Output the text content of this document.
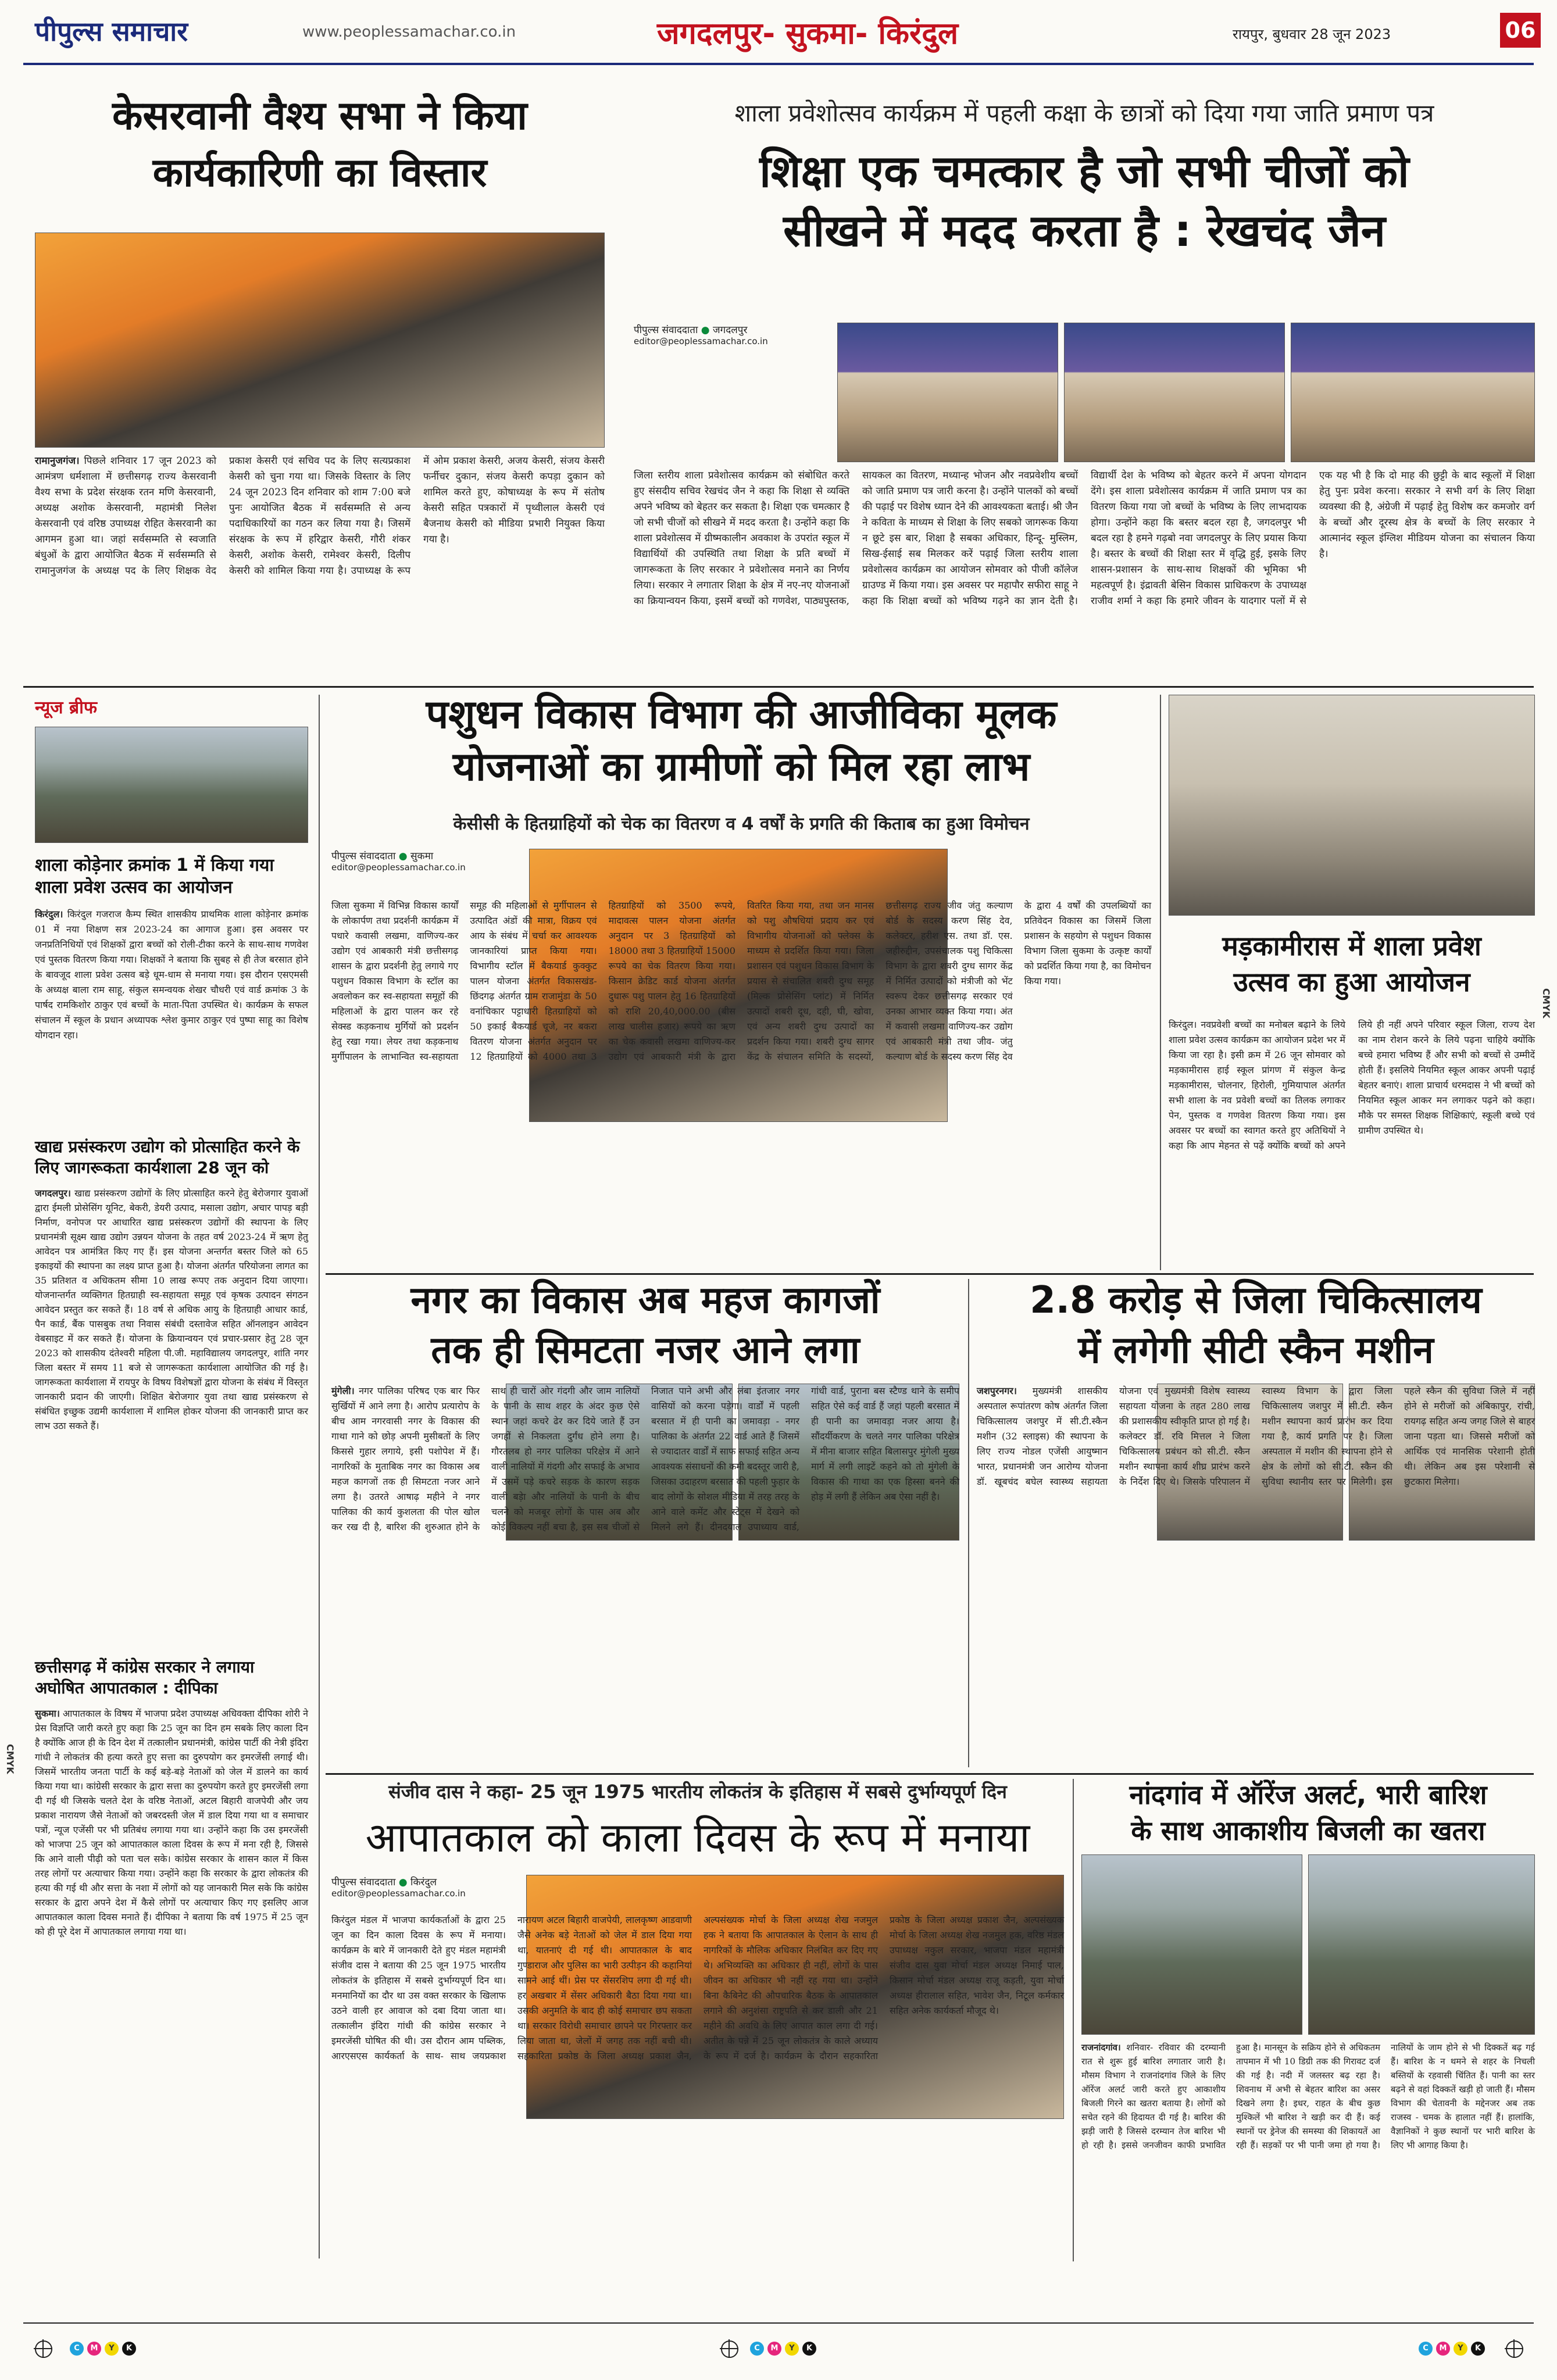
पीपुल्स समाचार	www.peoplessamachar.co.in	जगदलपुर- सुकमा- किरंदुल	रायपुर, बुधवार 28 जून 2023	06
केसरवानी वैश्य सभा ने किया
कार्यकारिणी का विस्तार
रामानुजगंज। पिछले शनिवार 17 जून 2023 को आमंत्रण धर्मशाला में छत्तीसगढ़ राज्य केसरवानी वैश्य सभा के प्रदेश संरक्षक रतन मणि केसरवानी, अध्यक्ष अशोक केसरवानी, महामंत्री निलेश केसरवानी एवं वरिष्ठ उपाध्यक्ष रोहित केसरवानी का आगमन हुआ था। जहां सर्वसम्मति से स्वजाति बंधुओं के द्वारा आयोजित बैठक में सर्वसम्मति से रामानुजगंज के अध्यक्ष पद के लिए शिक्षक वेद प्रकाश केसरी एवं सचिव पद के लिए सत्यप्रकाश केसरी को चुना गया था। जिसके विस्तार के लिए 24 जून 2023 दिन शनिवार को शाम 7:00 बजे पुनः आयोजित बैठक में सर्वसम्मति से अन्य पदाधिकारियों का गठन कर लिया गया है। जिसमें संरक्षक के रूप में हरिद्वार केसरी, गौरी शंकर केसरी, अशोक केसरी, रामेश्वर केसरी, दिलीप केसरी को शामिल किया गया है। उपाध्यक्ष के रूप में ओम प्रकाश केसरी, अजय केसरी, संजय केसरी फर्नीचर दुकान, संजय केसरी कपड़ा दुकान को शामिल करते हुए, कोषाध्यक्ष के रूप में संतोष केसरी सहित पत्रकारों में पृथ्वीलाल केसरी एवं बैजनाथ केसरी को मीडिया प्रभारी नियुक्त किया गया है।
शाला प्रवेशोत्सव कार्यक्रम में पहली कक्षा के छात्रों को दिया गया जाति प्रमाण पत्र
शिक्षा एक चमत्कार है जो सभी चीजों को
सीखने में मदद करता है : रेखचंद जैन
पीपुल्स संवाददाता ● जगदलपुर
editor@peoplessamachar.co.in
जिला स्तरीय शाला प्रवेशोत्सव कार्यक्रम को संबोधित करते हुए संसदीय सचिव रेखचंद जैन ने कहा कि शिक्षा से व्यक्ति अपने भविष्य को बेहतर कर सकता है। शिक्षा एक चमत्कार है जो सभी चीजों को सीखने में मदद करता है। उन्होंने कहा कि शाला प्रवेशोत्सव में ग्रीष्मकालीन अवकाश के उपरांत स्कूल में विद्यार्थियों की उपस्थिति तथा शिक्षा के प्रति बच्चों में जागरूकता के लिए सरकार ने प्रवेशोत्सव मनाने का निर्णय लिया। सरकार ने लगातार शिक्षा के क्षेत्र में नए-नए योजनाओं का क्रियान्वयन किया, इसमें बच्चों को गणवेश, पाठ्यपुस्तक, सायकल का वितरण, मध्यान्ह भोजन और नवप्रवेशीय बच्चों को जाति प्रमाण पत्र जारी करना है। उन्होंने पालकों को बच्चों की पढ़ाई पर विशेष ध्यान देने की आवश्यकता बताई। श्री जैन ने कविता के माध्यम से शिक्षा के लिए सबको जागरूक किया न छूटे इस बार, शिक्षा है सबका अधिकार, हिन्दू- मुस्लिम, सिख-ईसाई सब मिलकर करें पढ़ाई जिला स्तरीय शाला प्रवेशोत्सव कार्यक्रम का आयोजन सोमवार को पीजी कॉलेज ग्राउण्ड में किया गया। इस अवसर पर महापौर सफीरा साहू ने कहा कि शिक्षा बच्चों को भविष्य गढ़ने का ज्ञान देती है। विद्यार्थी देश के भविष्य को बेहतर करने में अपना योगदान देंगे। इस शाला प्रवेशोत्सव कार्यक्रम में जाति प्रमाण पत्र का वितरण किया गया जो बच्चों के भविष्य के लिए लाभदायक होगा। उन्होंने कहा कि बस्तर बदल रहा है, जगदलपुर भी बदल रहा है हमने गढ़बो नवा जगदलपुर के लिए प्रयास किया है। बस्तर के बच्चों की शिक्षा स्तर में वृद्धि हुई, इसके लिए शासन-प्रशासन के साथ-साथ शिक्षकों की भूमिका भी महत्वपूर्ण है। इंद्रावती बेसिन विकास प्राधिकरण के उपाध्यक्ष राजीव शर्मा ने कहा कि हमारे जीवन के यादगार पलों में से एक यह भी है कि दो माह की छुट्टी के बाद स्कूलों में शिक्षा हेतु पुनः प्रवेश करना। सरकार ने सभी वर्ग के लिए शिक्षा व्यवस्था की है, अंग्रेजी में पढ़ाई हेतु विशेष कर कमजोर वर्ग के बच्चों और दूरस्थ क्षेत्र के बच्चों के लिए सरकार ने आत्मानंद स्कूल इंग्लिश मीडियम योजना का संचालन किया है।
न्यूज ब्रीफ
शाला कोड़ेनार क्रमांक 1 में किया गया शाला प्रवेश उत्सव का आयोजन
किरंदुल। किरंदुल गजराज कैम्प स्थित शासकीय प्राथमिक शाला कोड़ेनार क्रमांक 01 में नया शिक्षण सत्र 2023-24 का आगाज हुआ। इस अवसर पर जनप्रतिनिधियों एवं शिक्षकों द्वारा बच्चों को रोली-टीका करने के साथ-साथ गणवेश एवं पुस्तक वितरण किया गया। शिक्षकों ने बताया कि सुबह से ही तेज बरसात होने के बावजूद शाला प्रवेश उत्सव बड़े धूम-धाम से मनाया गया। इस दौरान एसएमसी के अध्यक्ष बाला राम साहू, संकुल समन्वयक शेखर चौधरी एवं वार्ड क्रमांक 3 के पार्षद रामकिशोर ठाकुर एवं बच्चों के माता-पिता उपस्थित थे। कार्यक्रम के सफल संचालन में स्कूल के प्रधान अध्यापक श्लेश कुमार ठाकुर एवं पुष्पा साहू का विशेष योगदान रहा।
खाद्य प्रसंस्करण उद्योग को प्रोत्साहित करने के लिए जागरूकता कार्यशाला 28 जून को
जगदलपुर। खाद्य प्रसंस्करण उद्योगों के लिए प्रोत्साहित करने हेतु बेरोजगार युवाओं द्वारा ईमली प्रोसेसिंग यूनिट, बेकरी, डेयरी उत्पाद, मसाला उद्योग, अचार पापड़ बड़ी निर्माण, वनोपज पर आधारित खाद्य प्रसंस्करण उद्योगों की स्थापना के लिए प्रधानमंत्री सूक्ष्म खाद्य उद्योग उन्नयन योजना के तहत वर्ष 2023-24 में ऋण हेतु आवेदन पत्र आमंत्रित किए गए हैं। इस योजना अन्तर्गत बस्तर जिले को 65 इकाइयों की स्थापना का लक्ष्य प्राप्त हुआ है। योजना अंतर्गत परियोजना लागत का 35 प्रतिशत व अधिकतम सीमा 10 लाख रूपए तक अनुदान दिया जाएगा। योजनान्तर्गत व्यक्तिगत हितग्राही स्व-सहायता समूह एवं कृषक उत्पादन संगठन आवेदन प्रस्तुत कर सकते हैं। 18 वर्ष से अधिक आयु के हितग्राही आधार कार्ड, पैन कार्ड, बैंक पासबुक तथा निवास संबंधी दस्तावेज सहित ऑनलाइन आवेदन वेबसाइट में कर सकते हैं। योजना के क्रियान्वयन एवं प्रचार-प्रसार हेतु 28 जून 2023 को शासकीय दंतेश्वरी महिला पी.जी. महाविद्यालय जगदलपुर, शांति नगर जिला बस्तर में समय 11 बजे से जागरूकता कार्यशाला आयोजित की गई है। जागरूकता कार्यशाला में रायपुर के विषय विशेषज्ञों द्वारा योजना के संबंध में विस्तृत जानकारी प्रदान की जाएगी। शिक्षित बेरोजगार युवा तथा खाद्य प्रसंस्करण से संबंधित इच्छुक उद्यमी कार्यशाला में शामिल होकर योजना की जानकारी प्राप्त कर लाभ उठा सकते हैं।
छत्तीसगढ़ में कांग्रेस सरकार ने लगाया अघोषित आपातकाल : दीपिका
सुकमा। आपातकाल के विषय में भाजपा प्रदेश उपाध्यक्ष अधिवक्ता दीपिका शोरी ने प्रेस विज्ञप्ति जारी करते हुए कहा कि 25 जून का दिन हम सबके लिए काला दिन है क्योंकि आज ही के दिन देश में तत्कालीन प्रधानमंत्री, कांग्रेस पार्टी की नेत्री इंदिरा गांधी ने लोकतंत्र की हत्या करते हुए सत्ता का दुरुपयोग कर इमरजेंसी लगाई थी। जिसमें भारतीय जनता पार्टी के कई बड़े-बड़े नेताओं को जेल में डालने का कार्य किया गया था। कांग्रेसी सरकार के द्वारा सत्ता का दुरुपयोग करते हुए इमरजेंसी लगा दी गई थी जिसके चलते देश के वरिष्ठ नेताओं, अटल बिहारी वाजपेयी और जय प्रकाश नारायण जैसे नेताओं को जबरदस्ती जेल में डाल दिया गया था व समाचार पत्रों, न्यूज एजेंसी पर भी प्रतिबंध लगाया गया था। उन्होंने कहा कि उस इमरजेंसी को भाजपा 25 जून को आपातकाल काला दिवस के रूप में मना रही है, जिससे कि आने वाली पीढ़ी को पता चल सके। कांग्रेस सरकार के शासन काल में किस तरह लोगों पर अत्याचार किया गया। उन्होंने कहा कि सरकार के द्वारा लोकतंत्र की हत्या की गई थी और सत्ता के नशा में लोगों को यह जानकारी मिल सके कि कांग्रेस सरकार के द्वारा अपने देश में कैसे लोगों पर अत्याचार किए गए इसलिए आज आपातकाल काला दिवस मनाते हैं। दीपिका ने बताया कि वर्ष 1975 में 25 जून को ही पूरे देश में आपातकाल लगाया गया था।
पशुधन विकास विभाग की आजीविका मूलक
योजनाओं का ग्रामीणों को मिल रहा लाभ
केसीसी के हितग्राहियों को चेक का वितरण व 4 वर्षों के प्रगति की किताब का हुआ विमोचन
पीपुल्स संवाददाता ● सुकमा
editor@peoplessamachar.co.in
जिला सुकमा में विभिन्न विकास कार्यों के लोकार्पण तथा प्रदर्शनी कार्यक्रम में पधारे कवासी लखमा, वाणिज्य-कर उद्योग एवं आबकारी मंत्री छत्तीसगढ़ शासन के द्वारा प्रदर्शनी हेतु लगाये गए पशुधन विकास विभाग के स्टॉल का अवलोकन कर स्व-सहायता समूहों की महिलाओं के द्वारा पालन कर रहे सेक्स्ड कड़कनाथ मुर्गियों को प्रदर्शन हेतु रखा गया। लेयर तथा कड़कनाथ मुर्गीपालन के लाभान्वित स्व-सहायता समूह की महिलाओं से मुर्गीपालन से उत्पादित अंडों की मात्रा, विक्रय एवं आय के संबंध में चर्चा कर आवश्यक जानकारियां प्राप्त किया गया। विभागीय स्टॉल में बैकयार्ड कुक्कुट पालन योजना अंतर्गत विकासखंड-छिंदगढ़ अंतर्गत ग्राम राजामुंडा के 50 वनांचिकार पट्टाधारी हितग्राहियों को 50 इकाई बैकयार्ड चूजे, नर बकरा वितरण योजना अंतर्गत अनुदान पर 12 हितग्राहियों को 4000 तथा 3 हितग्राहियों को 3500 रूपये, मादावत्स पालन योजना अंतर्गत अनुदान पर 3 हितग्राहियों को 18000 तथा 3 हितग्राहियों 15000 रूपये का चेक वितरण किया गया। किसान क्रेडिट कार्ड योजना अंतर्गत दुधारू पशु पालन हेतु 16 हितग्राहियों को राशि 20,40,000.00 (बीस लाख चालीस हजार) रूपये का ऋण का चेक कवासी लखमा वाणिज्य-कर उद्योग एवं आबकारी मंत्री के द्वारा वितरित किया गया, तथा जन मानस को पशु औषधियां प्रदाय कर एवं विभागीय योजनाओं को फ्लेक्स के माध्यम से प्रदर्शित किया गया। जिला प्रशासन एवं पशुधन विकास विभाग के प्रयास से संचालित शबरी दुग्ध समूह (मिल्क प्रोसेसिंग प्लांट) में निर्मित उत्पादों शबरी दूध, दही, घी, खोवा, एवं अन्य शबरी दुग्ध उत्पादों का प्रदर्शन किया गया। शबरी दुग्ध सागर केंद्र के संचालन समिति के सदस्यों, छत्तीसगढ़ राज्य जीव जंतु कल्याण बोर्ड के सदस्य करण सिंह देव, कलेक्टर, हरीश एस. तथा डॉ. एस. जहीरुद्दीन, उपसंचालक पशु चिकित्सा विभाग के द्वारा शबरी दुग्ध सागर केंद्र में निर्मित उत्पादों को मंत्रीजी को भेंट स्वरूप देकर छत्तीसगढ़ सरकार एवं उनका आभार व्यक्त किया गया। अंत में कवासी लखमा वाणिज्य-कर उद्योग एवं आबकारी मंत्री तथा जीव- जंतु कल्याण बोर्ड के सदस्य करण सिंह देव के द्वारा 4 वर्षों की उपलब्धियों का प्रतिवेदन विकास का जिसमें जिला प्रशासन के सहयोग से पशुधन विकास विभाग जिला सुकमा के उत्कृष्ट कार्यों को प्रदर्शित किया गया है, का विमोचन किया गया।
मड़कामीरास में शाला प्रवेश
उत्सव का हुआ आयोजन
किरंदुल। नवप्रवेशी बच्चों का मनोबल बढ़ाने के लिये शाला प्रवेश उत्सव कार्यक्रम का आयोजन प्रदेश भर में किया जा रहा है। इसी क्रम में 26 जून सोमवार को मड़कामीरास हाई स्कूल प्रांगण में संकुल केन्द्र मड़कामीरास, चोलनार, हिरोली, गुमियापाल अंतर्गत सभी शाला के नव प्रवेशी बच्चों का तिलक लगाकर पेन, पुस्तक व गणवेश वितरण किया गया। इस अवसर पर बच्चों का स्वागत करते हुए अतिथियों ने कहा कि आप मेहनत से पढ़ें क्योंकि बच्चों को अपने लिये ही नहीं अपने परिवार स्कूल जिला, राज्य देश का नाम रोशन करने के लिये पढ़ना चाहिये क्योंकि बच्चे हमारा भविष्य हैं और सभी को बच्चों से उम्मीदें होती हैं। इसलिये नियमित स्कूल आकर अपनी पढ़ाई बेहतर बनाएं। शाला प्राचार्य धरमदास ने भी बच्चों को नियमित स्कूल आकर मन लगाकर पढ़ने को कहा। मौके पर समस्त शिक्षक शिक्षिकाएं, स्कूली बच्चे एवं ग्रामीण उपस्थित थे।
नगर का विकास अब महज कागजों
तक ही सिमटता नजर आने लगा
मुंगेली। नगर पालिका परिषद एक बार फिर सुर्खियों में आने लगा है। आरोप प्रत्यारोप के बीच आम नगरवासी नगर के विकास की गाथा गाने को छोड़ अपनी मुसीबतों के लिए किससे गुहार लगाये, इसी पशोपेश में हैं। नागरिकों के मुताबिक नगर का विकास अब महज कागजों तक ही सिमटता नजर आने लगा है। उतरते आषाढ़ महीने ने नगर पालिका की कार्य कुशलता की पोल खोल कर रख दी है, बारिश की शुरुआत होने के साथ ही चारों ओर गंदगी और जाम नालियों के पानी के साथ शहर के अंदर कुछ ऐसे स्थान जहां कचरे ढेर कर दिये जाते हैं उन जगहों से निकलता दुर्गंध होने लगा है। गौरतलब हो नगर पालिका परिक्षेत्र में आने वाली नालियों में गंदगी और सफाई के अभाव में उसमें पड़े कचरे सड़क के कारण सड़क वाली बड़ेा और नालियों के पानी के बीच चलने को मजबूर लोगों के पास अब और कोई विकल्प नहीं बचा है, इस सब चीजों से निजात पाने अभी और लंबा इंतजार नगर वासियों को करना पड़ेगा। वार्डों में पहली बरसात में ही पानी का जमावड़ा - नगर पालिका के अंतर्गत 22 वार्ड आते हैं जिसमें से ज्यादातर वार्डों में साफ सफाई सहित अन्य आवश्यक संसाधनों की कमी बदस्तूर जारी है, जिसका उदाहरण बरसात की पहली फुहार के बाद लोगों के सोशल मीडिया में तरह तरह के आने वाले कमेंट और स्टेट्स में देखने को मिलने लगे हैं। दीनदयाल उपाध्याय वार्ड, गांधी वार्ड, पुराना बस स्टैण्ड थाने के समीप सहित ऐसे कई वार्ड हैं जहां पहली बरसात में ही पानी का जमावड़ा नजर आया है। सौंदर्यीकरण के चलते नगर पालिका परिक्षेत्र में मीना बाजार सहित बिलासपुर मुंगेली मुख्य मार्ग में लगी लाइटें कहने को तो मुंगेली के विकास की गाथा का एक हिस्सा बनने की होड़ में लगी हैं लेकिन अब ऐसा नहीं है।
2.8 करोड़ से जिला चिकित्सालय
में लगेगी सीटी स्कैन मशीन
जशपुरनगर। मुख्यमंत्री शासकीय अस्पताल रूपांतरण कोष अंतर्गत जिला चिकित्सालय जशपुर में सी.टी.स्कैन मशीन (32 स्लाइस) की स्थापना के लिए राज्य नोडल एजेंसी आयुष्मान भारत, प्रधानमंत्री जन आरोग्य योजना डॉ. खूबचंद बघेल स्वास्थ्य सहायता योजना एवं मुख्यमंत्री विशेष स्वास्थ्य सहायता योजना के तहत 280 लाख की प्रशासकीय स्वीकृति प्राप्त हो गई है। कलेक्टर डॉ. रवि मित्तल ने जिला चिकित्सालय प्रबंधन को सी.टी. स्कैन मशीन स्थापना कार्य शीघ्र प्रारंभ करने के निर्देश दिए थे। जिसके परिपालन में स्वास्थ्य विभाग के द्वारा जिला चिकित्सालय जशपुर में सी.टी. स्कैन मशीन स्थापना कार्य प्रारंभ कर दिया गया है, कार्य प्रगति पर है। जिला अस्पताल में मशीन की स्थापना होने से क्षेत्र के लोगों को सी.टी. स्कैन की सुविधा स्थानीय स्तर पर मिलेगी। इस पहले स्कैन की सुविधा जिले में नहीं होने से मरीजों को अंबिकापुर, रांची, रायगढ़ सहित अन्य जगह जिले से बाहर जाना पड़ता था। जिससे मरीजों को आर्थिक एवं मानसिक परेशानी होती थी। लेकिन अब इस परेशानी से छुटकारा मिलेगा।
संजीव दास ने कहा- 25 जून 1975 भारतीय लोकतंत्र के इतिहास में सबसे दुर्भाग्यपूर्ण दिन
आपातकाल को काला दिवस के रूप में मनाया
पीपुल्स संवाददाता ● किरंदुल
editor@peoplessamachar.co.in
किरंदुल मंडल में भाजपा कार्यकर्ताओं के द्वारा 25 जून का दिन काला दिवस के रूप में मनाया। कार्यक्रम के बारे में जानकारी देते हुए मंडल महामंत्री संजीव दास ने बताया की 25 जून 1975 भारतीय लोकतंत्र के इतिहास में सबसे दुर्भाग्यपूर्ण दिन था। मनमानियों का दौर था उस वक्त सरकार के खिलाफ उठने वाली हर आवाज को दबा दिया जाता था। तत्कालीन इंदिरा गांधी की कांग्रेस सरकार ने इमरजेंसी घोषित की थी। उस दौरान आम पब्लिक, आरएसएस कार्यकर्ता के साथ- साथ जयप्रकाश नारायण अटल बिहारी वाजपेयी, लालकृष्ण आडवाणी जैसे अनेक बड़े नेताओं को जेल में डाल दिया गया था, यातनाएं दी गई थी। आपातकाल के बाद गुण्डाराज और पुलिस का भारी उत्पीड़न की कहानियां सामने आई थीं। प्रेस पर सेंसरशिप लगा दी गई थी। हर अखबार में सेंसर अधिकारी बैठा दिया गया था। उसकी अनुमति के बाद ही कोई समाचार छप सकता था। सरकार विरोधी समाचार छापने पर गिरफ्तार कर लिया जाता था, जेलों में जगह तक नहीं बची थी। सहकारिता प्रकोष्ठ के जिला अध्यक्ष प्रकाश जैन, अल्पसंख्यक मोर्चा के जिला अध्यक्ष शेख नजमुल हक ने बताया कि आपातकाल के ऐलान के साथ ही नागरिकों के मौलिक अधिकार निलंबित कर दिए गए थे। अभिव्यक्ति का अधिकार ही नहीं, लोगों के पास जीवन का अधिकार भी नहीं रह गया था। उन्होंने बिना कैबिनेट की औपचारिक बैठक के आपातकाल लगाने की अनुशंसा राष्ट्रपति से कर डाली और 21 महीने की अवधि के लिए आपात काल लगा दी गई। अतीत के पन्ने में 25 जून लोकतंत्र के काले अध्याय के रूप में दर्ज है। कार्यक्रम के दौरान सहकारिता प्रकोष्ठ के जिला अध्यक्ष प्रकाश जैन, अल्पसंख्यक मोर्चा के जिला अध्यक्ष शेख नजमुल हक, वरिष्ठ मंडल उपाध्यक्ष नकुल सरकार, भाजपा मंडल महामंत्री संजीव दास युवा मोर्चा मंडल अध्यक्ष निमाई पाल, किसान मोर्चा मंडल अध्यक्ष राजू कड़ती, युवा मोर्चा अध्यक्ष हीरालाल सहित, भावेश जैन, निटूल कर्मकार सहित अनेक कार्यकर्ता मौजूद थे।
नांदगांव में ऑरेंज अलर्ट, भारी बारिश
के साथ आकाशीय बिजली का खतरा
राजनांदगांव। शनिवार- रविवार की दरम्यानी रात से शुरू हुई बारिश लगातार जारी है। मौसम विभाग ने राजनांदगांव जिले के लिए ऑरेंज अलर्ट जारी करते हुए आकाशीय बिजली गिरने का खतरा बताया है। लोगों को सचेत रहने की हिदायत दी गई है। बारिश की झड़ी जारी है जिससे दरम्यान तेज बारिश भी हो रही है। इससे जनजीवन काफी प्रभावित हुआ है। मानसून के सक्रिय होने से अधिकतम तापमान में भी 10 डिग्री तक की गिरावट दर्ज की गई है। नदी में जलस्तर बढ़ रहा है। शिवनाथ में अभी से बेहतर बारिश का असर दिखने लगा है। इधर, राहत के बीच कुछ मुश्किलें भी बारिश ने खड़ी कर दी हैं। कई स्थानों पर ड्रेनेज की समस्या की शिकायतें आ रही हैं। सड़कों पर भी पानी जमा हो गया है। नालियों के जाम होने से भी दिक्कतें बढ़ गई हैं। बारिश के न थमने से शहर के निचली बस्तियों के रहवासी चिंतित हैं। पानी का स्तर बढ़ने से वहां दिक्कतें खड़ी हो जाती हैं। मौसम विभाग की चेतावनी के मद्देनजर अब तक राजस्व - चमक के हालात नहीं हैं। हालांकि, वैज्ञानिकों ने कुछ स्थानों पर भारी बारिश के लिए भी आगाह किया है।
CMYK
CMYK
C	M	Y	K	C	M	Y	K	C	M	Y	K
